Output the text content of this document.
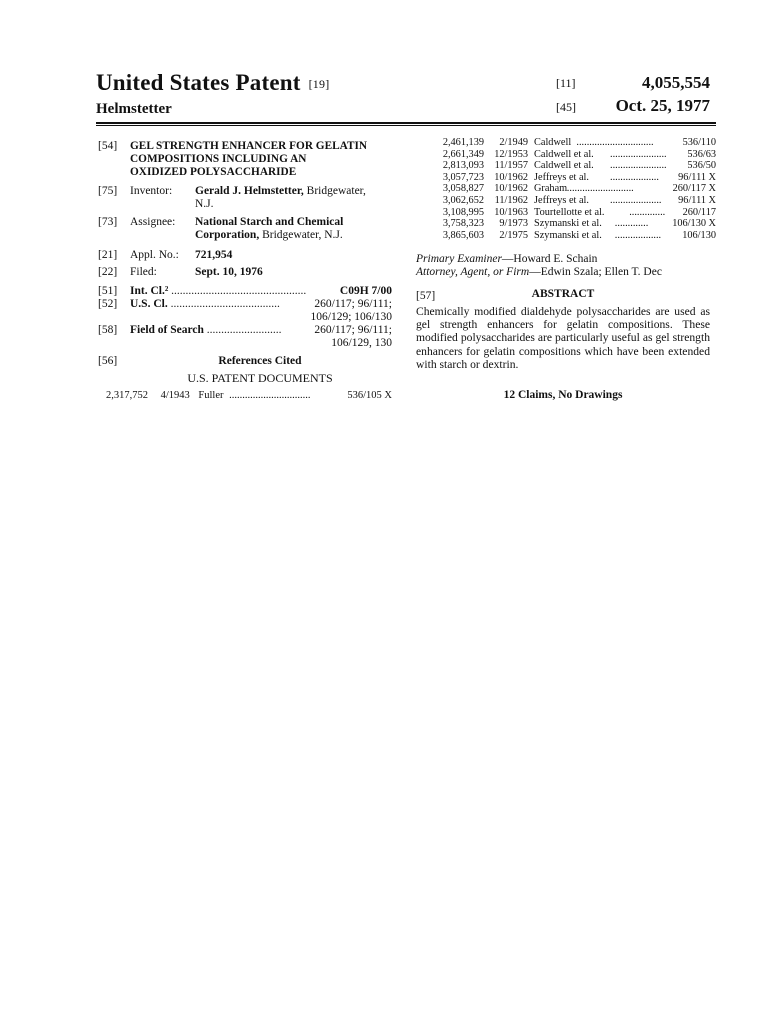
United States Patent [19]
Helmstetter
[11]	4,055,554
[45]	Oct. 25, 1977
[54] GEL STRENGTH ENHANCER FOR GELATIN
COMPOSITIONS INCLUDING AN
OXIDIZED POLYSACCHARIDE
[75] Inventor: Gerald J. Helmstetter, Bridgewater,
N.J.
[73] Assignee: National Starch and Chemical
Corporation, Bridgewater, N.J.
[21] Appl. No.: 721,954
[22] Filed:	Sept. 10, 1976
[51] Int. Cl.² ...............................................	C09H 7/00
[52] U.S. Cl. ......................................	260/117; 96/111;
106/129; 106/130
[58] Field of Search ..........................	260/117; 96/111;
106/129, 130
[56]	References Cited
U.S. PATENT DOCUMENTS
2,317,752 4/1943 Fuller ...............................	536/105 X
2,461,139	2/1949 Caldwell ..............................	536/110
2,661,349 12/1953 Caldwell et al. ...................... 536/63
2,813,093	11/1957 Caldwell et al. ...................... 536/50
3,057,723 10/1962 Jeffreys et al. ................... 96/111 X
3,058,827 10/1962 Graham ..........................	260/117 X
3,062,652	11/1962 Jeffreys et al. .................... 96/111 X
3,108,995 10/1963 Tourtellotte et al. .............. 260/117
3,758,323	9/1973 Szymanski et al. ............. 106/130 X
3,865,603	2/1975 Szymanski et al. .................. 106/130
Primary Examiner—Howard E. Schain
Attorney, Agent, or Firm—Edwin Szala; Ellen T. Dec
[57]	ABSTRACT
Chemically modified dialdehyde polysaccharides are used as gel strength enhancers for gelatin compositions. These modified polysaccharides are particularly useful as gel strength enhancers for gelatin compositions which have been extended with starch or dextrin.
12 Claims, No Drawings
